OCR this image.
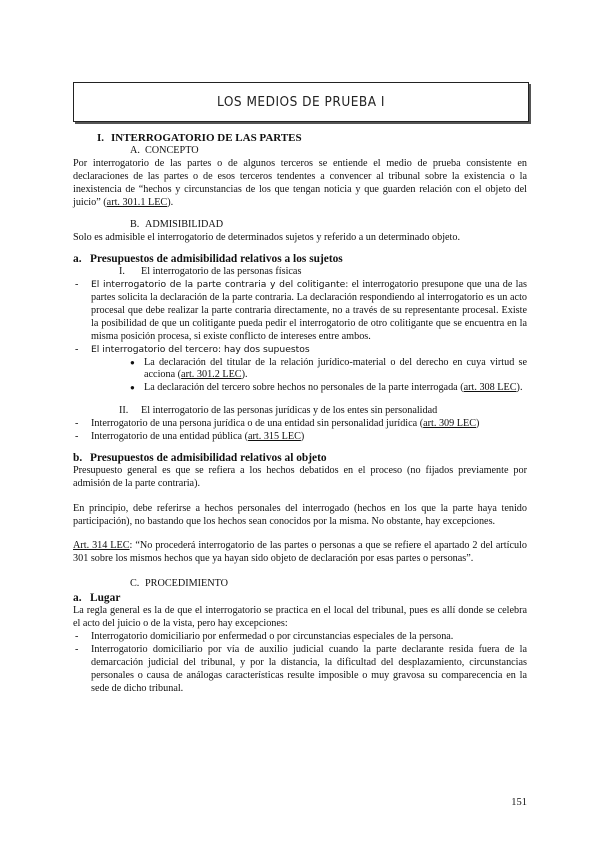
LOS MEDIOS DE PRUEBA I

I. INTERROGATORIO DE LAS PARTES

A. CONCEPTO

Por interrogatorio de las partes o de algunos terceros se entiende el medio de prueba consistente en declaraciones de las partes o de esos terceros tendentes a convencer al tribunal sobre la existencia o la inexistencia de “hechos y circunstancias de los que tengan noticia y que guarden relación con el objeto del juicio” (art. 301.1 LEC).

B. ADMISIBILIDAD

Solo es admisible el interrogatorio de determinados sujetos y referido a un determinado objeto.

a. Presupuestos de admisibilidad relativos a los sujetos

I. El interrogatorio de las personas físicas

- El interrogatorio de la parte contraria y del colitigante: el interrogatorio presupone que una de las partes solicita la declaración de la parte contraria. La declaración respondiendo al interrogatorio es un acto procesal que debe realizar la parte contraria directamente, no a través de su representante procesal. Existe la posibilidad de que un colitigante pueda pedir el interrogatorio de otro colitigante que se encuentra en la misma posición procesa, si existe conflicto de intereses entre ambos.

- El interrogatorio del tercero: hay dos supuestos

● La declaración del titular de la relación jurídico-material o del derecho en cuya virtud se acciona (art. 301.2 LEC).

● La declaración del tercero sobre hechos no personales de la parte interrogada (art. 308 LEC).

II. El interrogatorio de las personas jurídicas y de los entes sin personalidad

- Interrogatorio de una persona jurídica o de una entidad sin personalidad jurídica (art. 309 LEC)

- Interrogatorio de una entidad pública (art. 315 LEC)

b. Presupuestos de admisibilidad relativos al objeto

Presupuesto general es que se refiera a los hechos debatidos en el proceso (no fijados previamente por admisión de la parte contraria).

En principio, debe referirse a hechos personales del interrogado (hechos en los que la parte haya tenido participación), no bastando que los hechos sean conocidos por la misma. No obstante, hay excepciones.

Art. 314 LEC: “No procederá interrogatorio de las partes o personas a que se refiere el apartado 2 del artículo 301 sobre los mismos hechos que ya hayan sido objeto de declaración por esas partes o personas”.

C. PROCEDIMIENTO

a. Lugar

La regla general es la de que el interrogatorio se practica en el local del tribunal, pues es allí donde se celebra el acto del juicio o de la vista, pero hay excepciones:

- Interrogatorio domiciliario por enfermedad o por circunstancias especiales de la persona.

- Interrogatorio domiciliario por vía de auxilio judicial cuando la parte declarante resida fuera de la demarcación judicial del tribunal, y por la distancia, la dificultad del desplazamiento, circunstancias personales o causa de análogas características resulte imposible o muy gravosa su comparecencia en la sede de dicho tribunal.

151
